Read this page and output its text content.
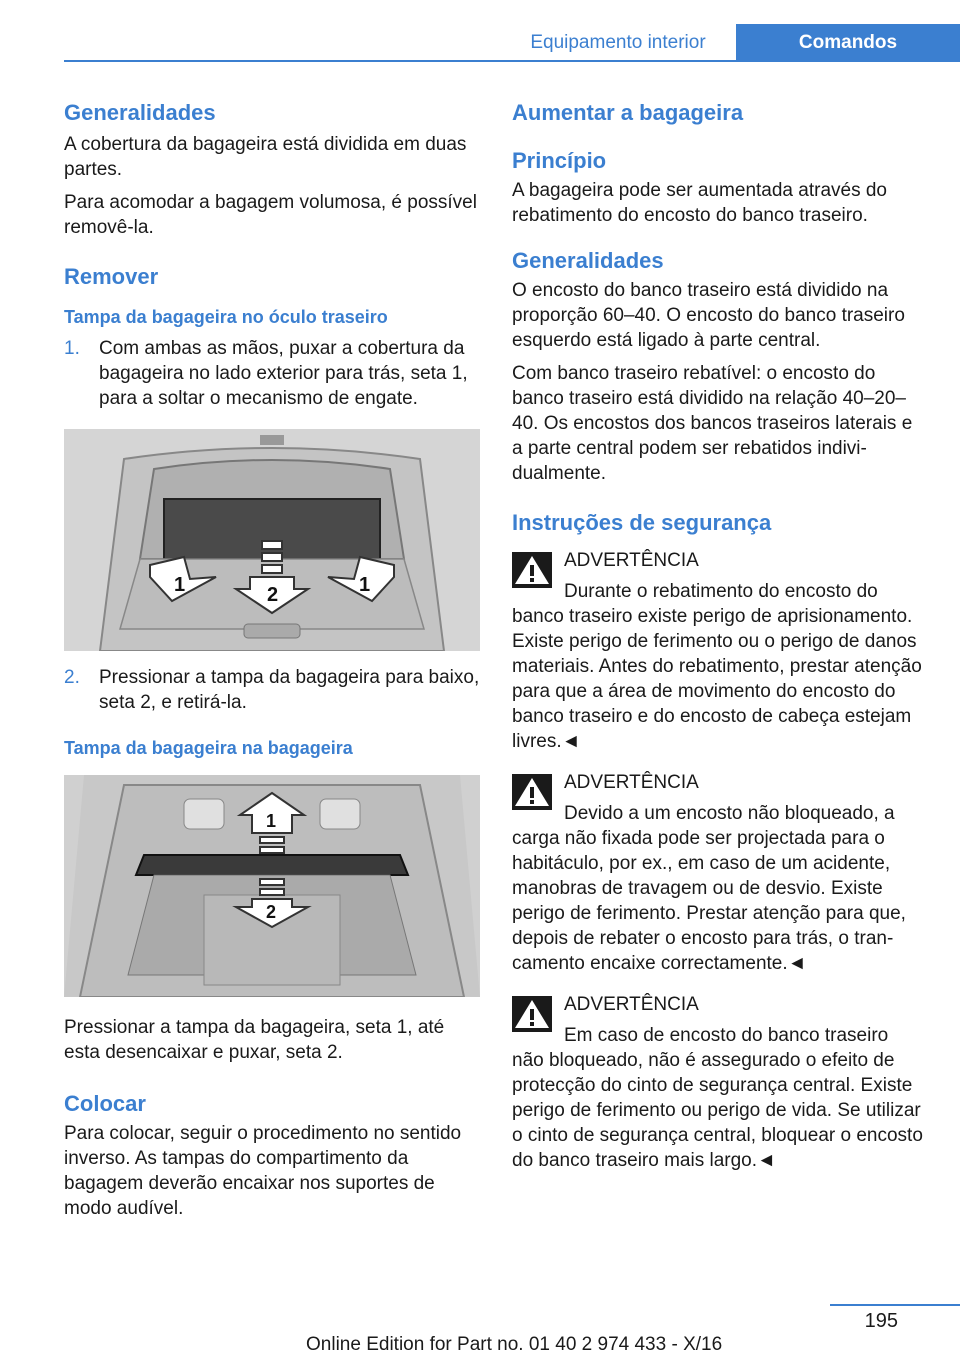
Equipamento interior	Comandos
Generalidades

A cobertura da bagageira está dividida em duas partes.

Para acomodar a bagagem volumosa, é possível removê-la.

Remover
Tampa da bagageira no óculo traseiro
1.	Com ambas as mãos, puxar a cobertura da bagageira no lado exterior para trás, seta 1, para a soltar o mecanismo de engate.
1	2	1
2.	Pressionar a tampa da bagageira para baixo, seta 2, e retirá-la.
Tampa da bagageira na bagageira
1
2

Pressionar a tampa da bagageira, seta 1, até esta desencaixar e puxar, seta 2.

Colocar

Para colocar, seguir o procedimento no sentido inverso. As tampas do compartimento da bagagem deverão encaixar nos suportes de modo audível.

Aumentar a bagageira
Princípio

A bagageira pode ser aumentada através do rebatimento do encosto do banco traseiro.

Generalidades

O encosto do banco traseiro está dividido na proporção 60–40. O encosto do banco traseiro esquerdo está ligado à parte central.

Com banco traseiro rebatível: o encosto do banco traseiro está dividido na relação 40–20–40. Os encostos dos bancos traseiros laterais e a parte central podem ser rebatidos individualmente.

Instruções de segurança

ADVERTÊNCIA

Durante o rebatimento do encosto do

banco traseiro existe perigo de aprisionamento. Existe perigo de ferimento ou o perigo de danos materiais. Antes do rebatimento, prestar atenção para que a área de movimento do encosto do banco traseiro e do encosto de cabeça estejam livres.◄

ADVERTÊNCIA

Devido a um encosto não bloqueado, a

carga não fixada pode ser projectada para o habitáculo, por ex., em caso de um acidente, manobras de travagem ou de desvio. Existe perigo de ferimento. Prestar atenção para que, depois de rebater o encosto para trás, o trancamento encaixe correctamente.◄

ADVERTÊNCIA

Em caso de encosto do banco traseiro

não bloqueado, não é assegurado o efeito de protecção do cinto de segurança central. Existe perigo de ferimento ou perigo de vida. Se utilizar o cinto de segurança central, bloquear o encosto do banco traseiro mais largo.◄

195
Online Edition for Part no. 01 40 2 974 433 - X/16
